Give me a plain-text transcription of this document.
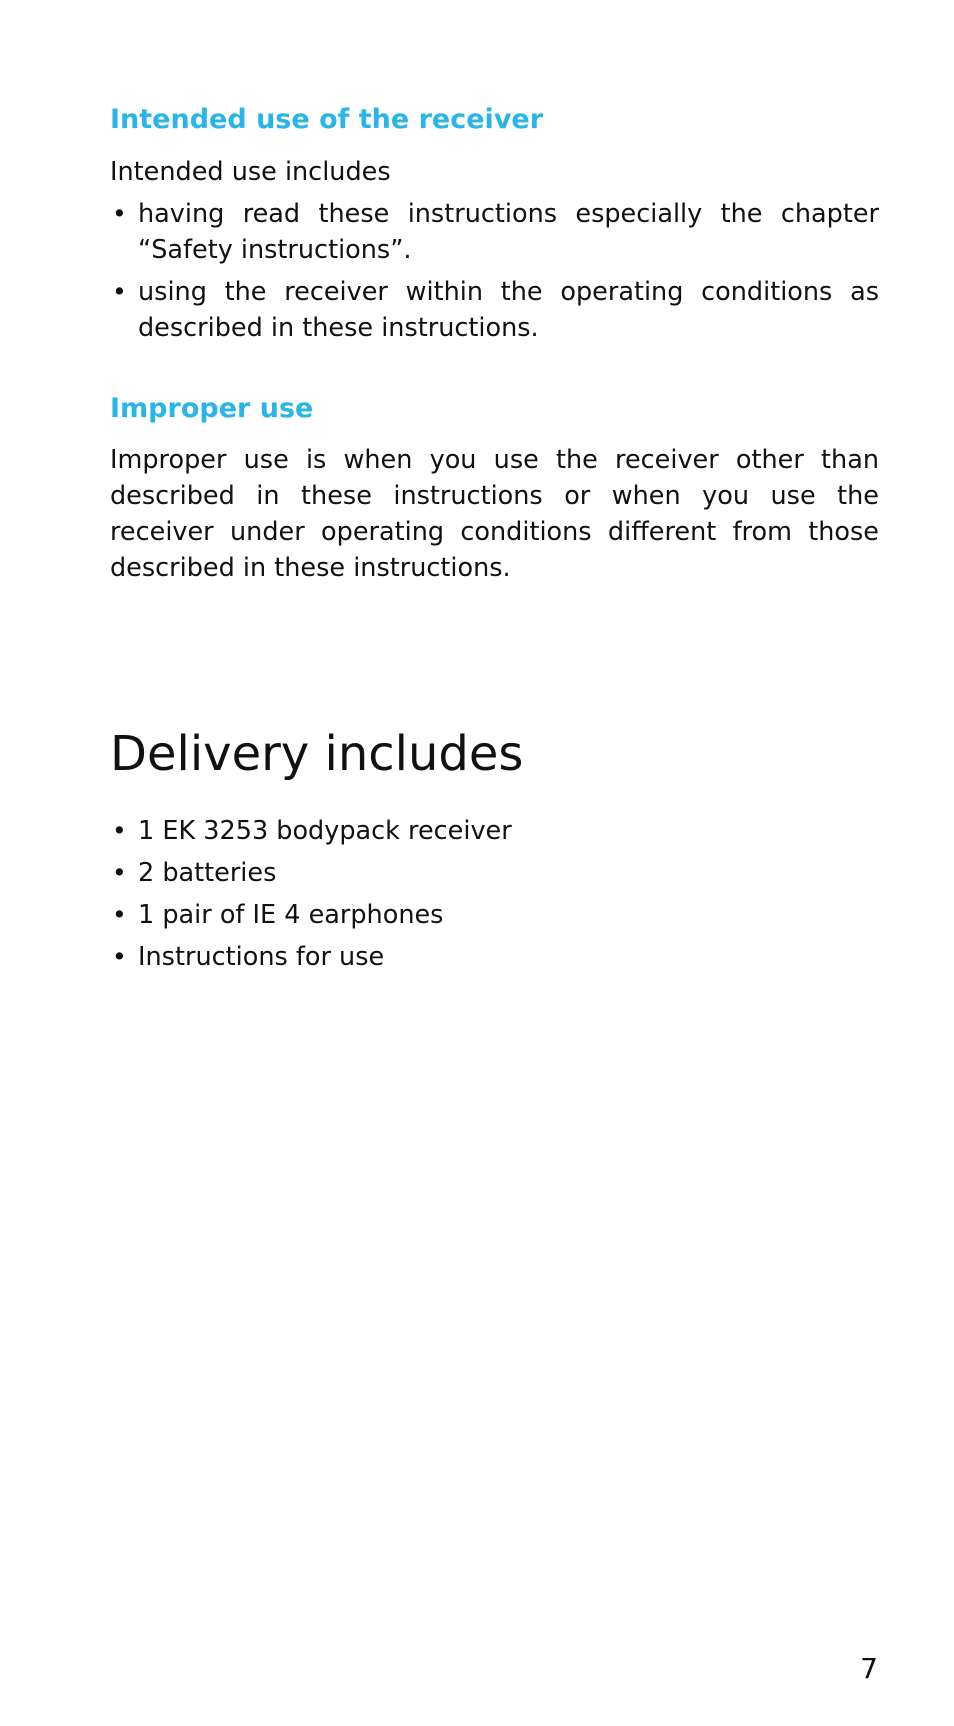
Intended use of the receiver

Intended use includes

• having read these instructions especially the chapter “Safety instructions”.
• using the receiver within the operating conditions as described in these instructions.
Improper use

Improper use is when you use the receiver other than described in these instructions or when you use the receiver under operating conditions different from those described in these instructions.

Delivery includes
• 1 EK 3253 bodypack receiver
• 2 batteries
• 1 pair of IE 4 earphones
• Instructions for use
7
